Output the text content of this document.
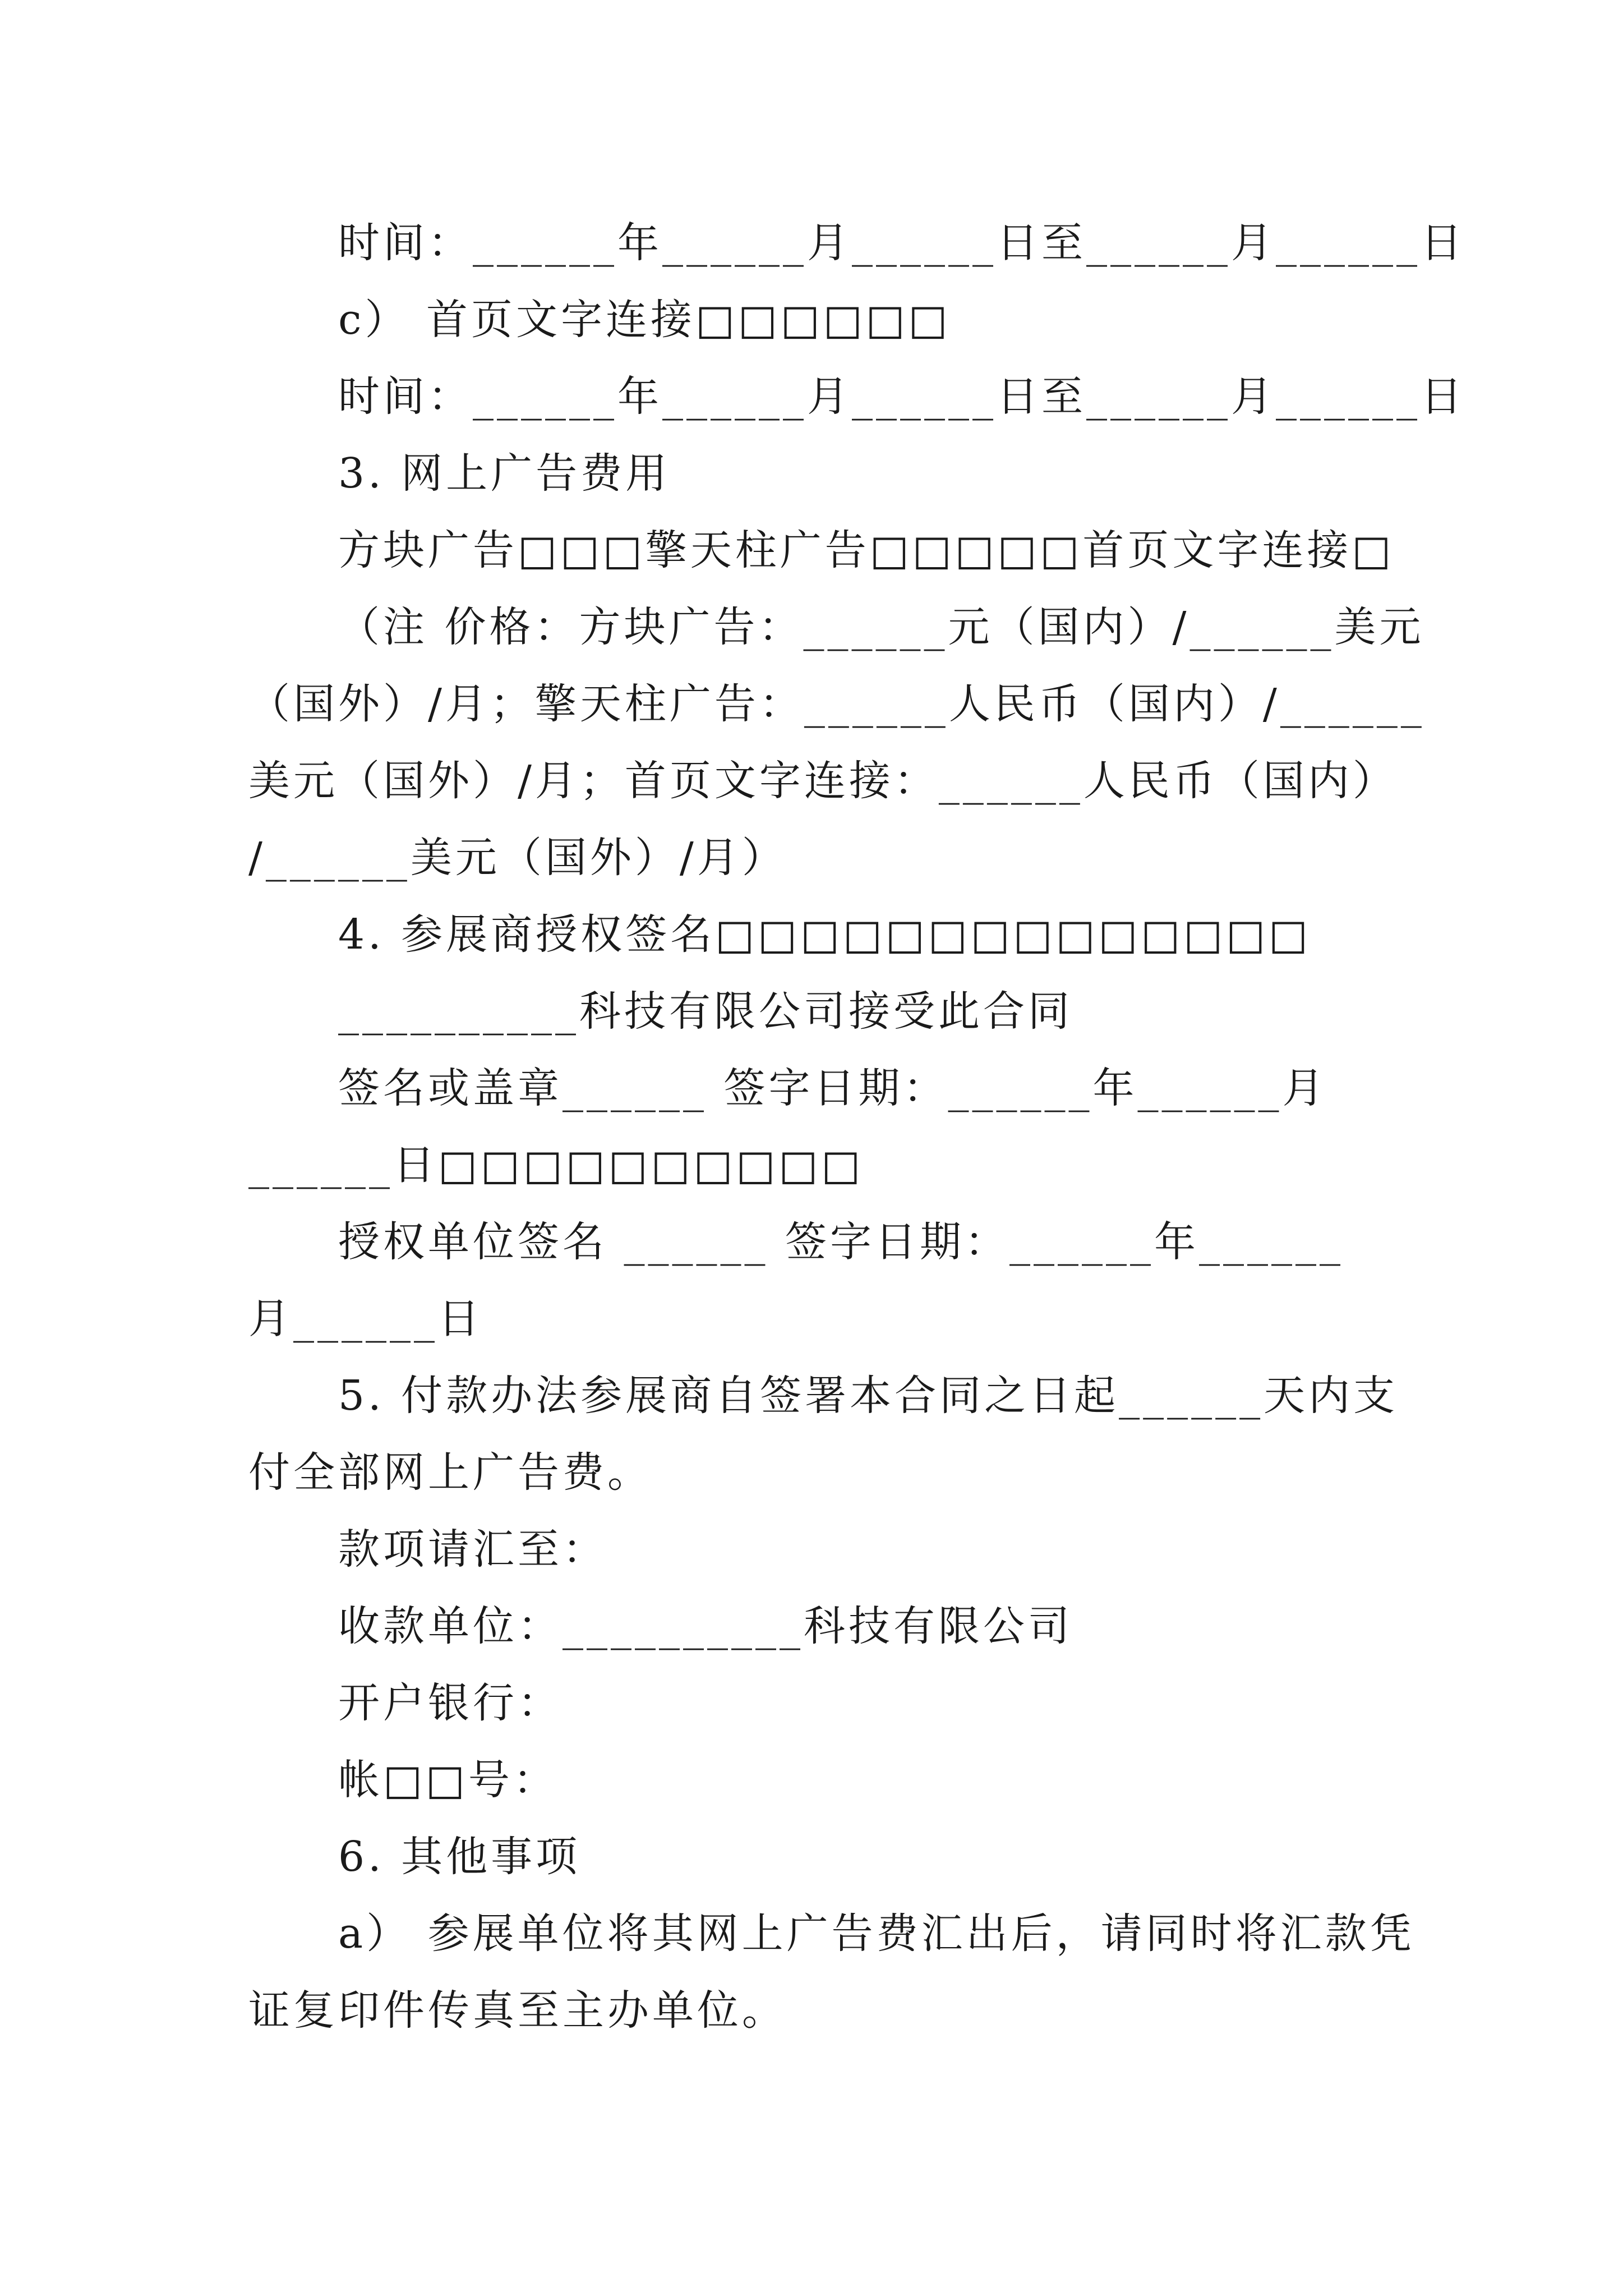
时间：______年______月______日至______月______日
c） 首页文字连接□□□□□□
时间：______年______月______日至______月______日
3. 网上广告费用
方块广告□□□擎天柱广告□□□□□首页文字连接□
（注 价格：方块广告：______元（国内）/______美元
（国外）/月；擎天柱广告：______人民币（国内）/______
美元（国外）/月；首页文字连接：______人民币（国内）
/______美元（国外）/月）
4. 参展商授权签名□□□□□□□□□□□□□□
__________科技有限公司接受此合同
签名或盖章______ 签字日期：______年______月
______日□□□□□□□□□□
授权单位签名 ______ 签字日期：______年______
月______日
5. 付款办法参展商自签署本合同之日起______天内支
付全部网上广告费。
款项请汇至：
收款单位：__________科技有限公司
开户银行：
帐□□号：
6. 其他事项
a） 参展单位将其网上广告费汇出后，请同时将汇款凭
证复印件传真至主办单位。
